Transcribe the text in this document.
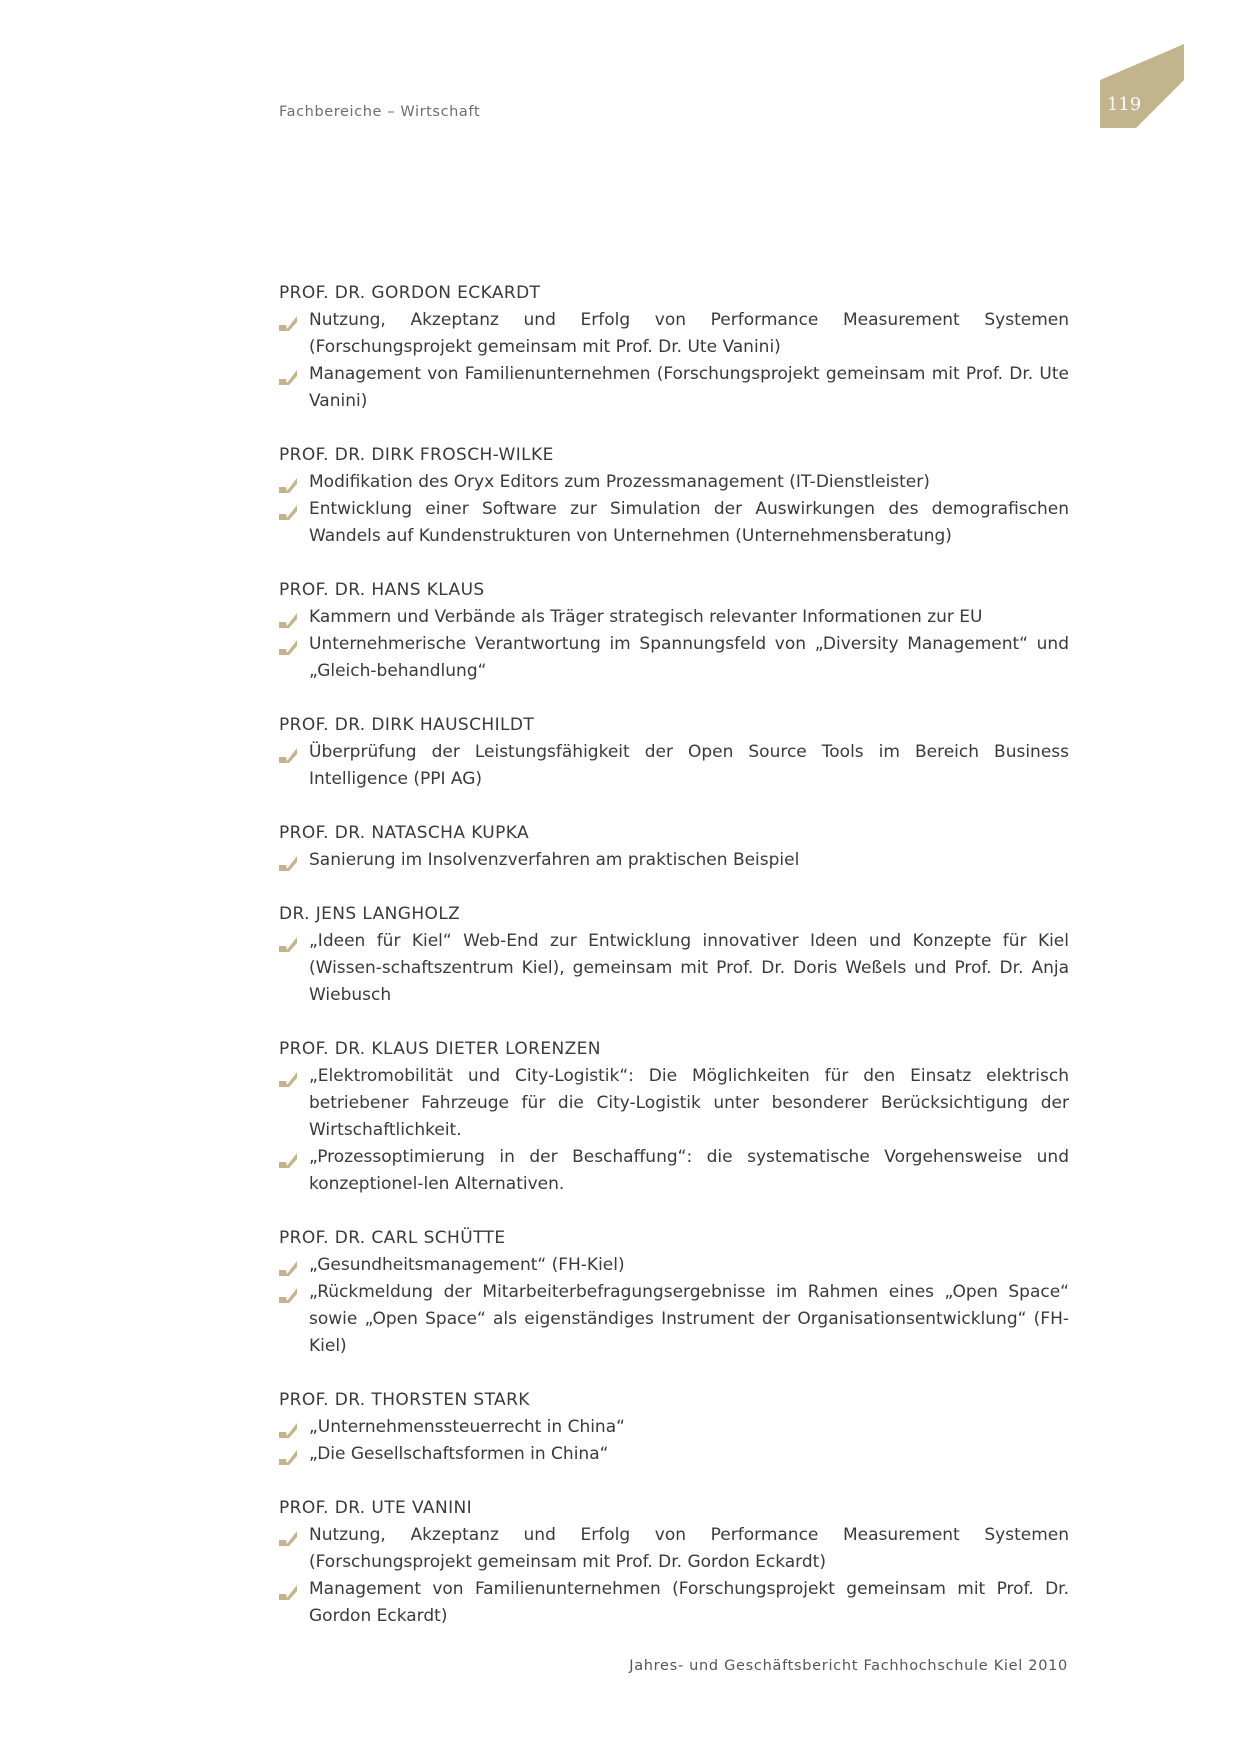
Fachbereiche – Wirtschaft	119
PROF. DR. GORDON ECKARDT
Nutzung, Akzeptanz und Erfolg von Performance Measurement Systemen (Forschungsprojekt gemeinsam mit Prof. Dr. Ute Vanini)
Management von Familienunternehmen (Forschungsprojekt gemeinsam mit Prof. Dr. Ute Vanini)
PROF. DR. DIRK FROSCH-WILKE
Modifikation des Oryx Editors zum Prozessmanagement (IT-Dienstleister)
Entwicklung einer Software zur Simulation der Auswirkungen des demografischen Wandels auf Kundenstrukturen von Unternehmen (Unternehmensberatung)
PROF. DR. HANS KLAUS
Kammern und Verbände als Träger strategisch relevanter Informationen zur EU
Unternehmerische Verantwortung im Spannungsfeld von „Diversity Management“ und „Gleich-behandlung“
PROF. DR. DIRK HAUSCHILDT
Überprüfung der Leistungsfähigkeit der Open Source Tools im Bereich Business Intelligence (PPI AG)
PROF. DR. NATASCHA KUPKA
Sanierung im Insolvenzverfahren am praktischen Beispiel
DR. JENS LANGHOLZ
„Ideen für Kiel“ Web-End zur Entwicklung innovativer Ideen und Konzepte für Kiel (Wissen-schaftszentrum Kiel), gemeinsam mit Prof. Dr. Doris Weßels und Prof. Dr. Anja Wiebusch
PROF. DR. KLAUS DIETER LORENZEN
„Elektromobilität und City-Logistik“: Die Möglichkeiten für den Einsatz elektrisch betriebener Fahrzeuge für die City-Logistik unter besonderer Berücksichtigung der Wirtschaftlichkeit.
„Prozessoptimierung in der Beschaffung“: die systematische Vorgehensweise und konzeptionel-len Alternativen.
PROF. DR. CARL SCHÜTTE
„Gesundheitsmanagement“ (FH-Kiel)
„Rückmeldung der Mitarbeiterbefragungsergebnisse im Rahmen eines „Open Space“ sowie „Open Space“ als eigenständiges Instrument der Organisationsentwicklung“ (FH-Kiel)
PROF. DR. THORSTEN STARK
„Unternehmenssteuerrecht in China“
„Die Gesellschaftsformen in China“
PROF. DR. UTE VANINI
Nutzung, Akzeptanz und Erfolg von Performance Measurement Systemen (Forschungsprojekt gemeinsam mit Prof. Dr. Gordon Eckardt)
Management von Familienunternehmen (Forschungsprojekt gemeinsam mit Prof. Dr. Gordon Eckardt)
Jahres- und Geschäftsbericht Fachhochschule Kiel 2010
